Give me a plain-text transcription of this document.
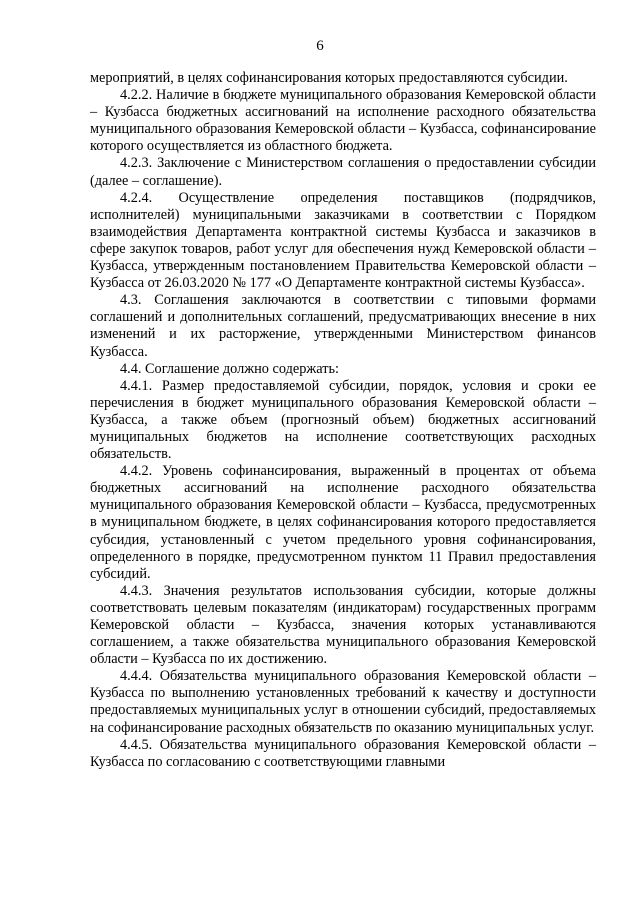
6

мероприятий, в целях софинансирования которых предоставляются субсидии.

4.2.2. Наличие в бюджете муниципального образования Кемеровской области – Кузбасса бюджетных ассигнований на исполнение расходного обязательства муниципального образования Кемеровской области – Кузбасса, софинансирование которого осуществляется из областного бюджета.

4.2.3. Заключение с Министерством соглашения о предоставлении субсидии (далее – соглашение).

4.2.4. Осуществление определения поставщиков (подрядчиков, исполнителей) муниципальными заказчиками в соответствии с Порядком взаимодействия Департамента контрактной системы Кузбасса и заказчиков в сфере закупок товаров, работ услуг для обеспечения нужд Кемеровской области – Кузбасса, утвержденным постановлением Правительства Кемеровской области – Кузбасса от 26.03.2020 № 177 «О Департаменте контрактной системы Кузбасса».

4.3. Соглашения заключаются в соответствии с типовыми формами соглашений и дополнительных соглашений, предусматривающих внесение в них изменений и их расторжение, утвержденными Министерством финансов Кузбасса.

4.4. Соглашение должно содержать:

4.4.1. Размер предоставляемой субсидии, порядок, условия и сроки ее перечисления в бюджет муниципального образования Кемеровской области – Кузбасса, а также объем (прогнозный объем) бюджетных ассигнований муниципальных бюджетов на исполнение соответствующих расходных обязательств.

4.4.2. Уровень софинансирования, выраженный в процентах от объема бюджетных ассигнований на исполнение расходного обязательства муниципального образования Кемеровской области – Кузбасса, предусмотренных в муниципальном бюджете, в целях софинансирования которого предоставляется субсидия, установленный с учетом предельного уровня софинансирования, определенного в порядке, предусмотренном пунктом 11 Правил предоставления субсидий.

4.4.3. Значения результатов использования субсидии, которые должны соответствовать целевым показателям (индикаторам) государственных программ Кемеровской области – Кузбасса, значения которых устанавливаются соглашением, а также обязательства муниципального образования Кемеровской области – Кузбасса по их достижению.

4.4.4. Обязательства муниципального образования Кемеровской области – Кузбасса по выполнению установленных требований к качеству и доступности предоставляемых муниципальных услуг в отношении субсидий, предоставляемых на софинансирование расходных обязательств по оказанию муниципальных услуг.

4.4.5. Обязательства муниципального образования Кемеровской области – Кузбасса по согласованию с соответствующими главными
